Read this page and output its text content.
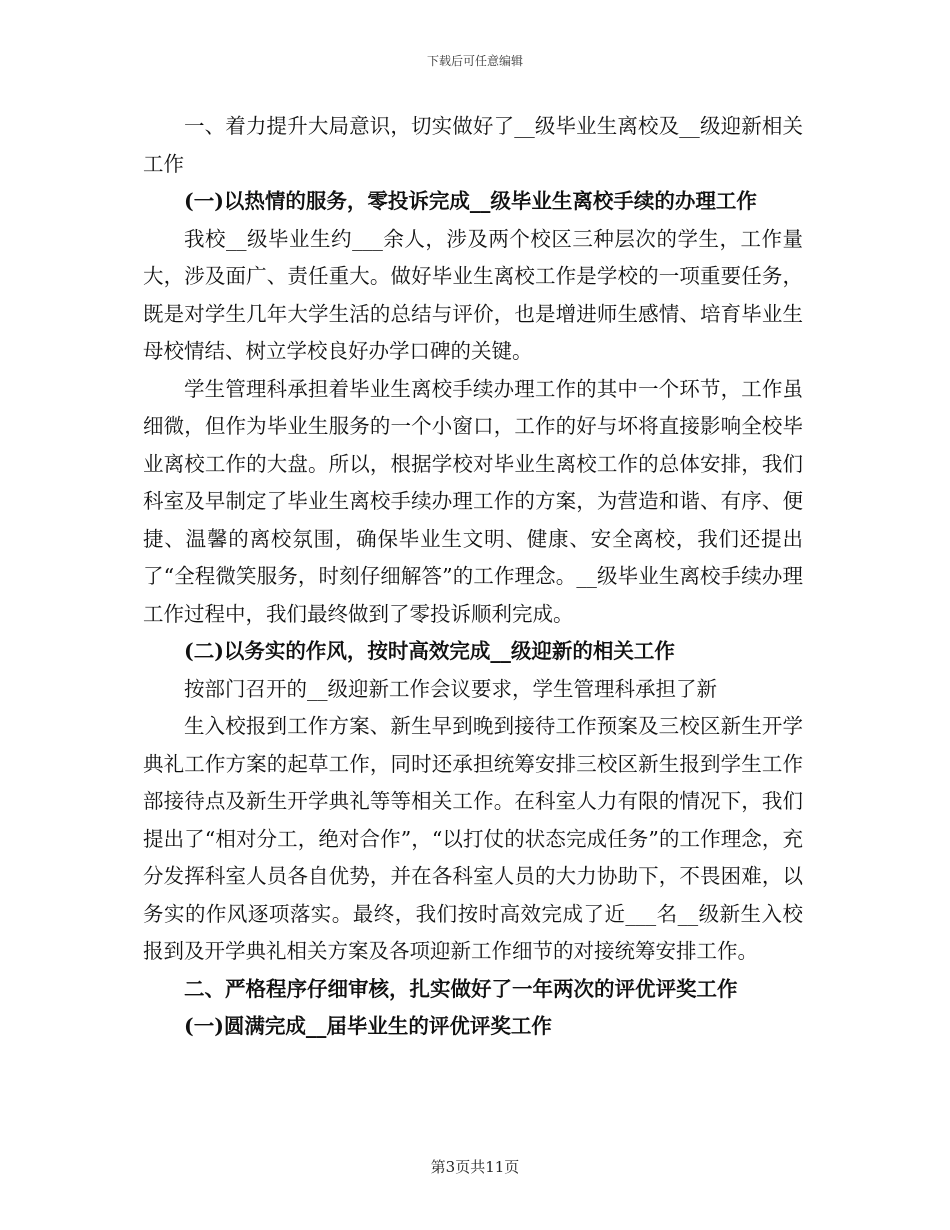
下载后可任意编辑

一、着力提升大局意识，切实做好了__级毕业生离校及__级迎新相关工作

(一)以热情的服务，零投诉完成__级毕业生离校手续的办理工作

我校__级毕业生约___余人，涉及两个校区三种层次的学生，工作量大，涉及面广、责任重大。做好毕业生离校工作是学校的一项重要任务，既是对学生几年大学生活的总结与评价，也是增进师生感情、培育毕业生母校情结、树立学校良好办学口碑的关键。

学生管理科承担着毕业生离校手续办理工作的其中一个环节，工作虽细微，但作为毕业生服务的一个小窗口，工作的好与坏将直接影响全校毕业离校工作的大盘。所以，根据学校对毕业生离校工作的总体安排，我们科室及早制定了毕业生离校手续办理工作的方案，为营造和谐、有序、便捷、温馨的离校氛围，确保毕业生文明、健康、安全离校，我们还提出了“全程微笑服务，时刻仔细解答”的工作理念。__级毕业生离校手续办理工作过程中，我们最终做到了零投诉顺利完成。

(二)以务实的作风，按时高效完成__级迎新的相关工作

按部门召开的__级迎新工作会议要求，学生管理科承担了新

生入校报到工作方案、新生早到晚到接待工作预案及三校区新生开学典礼工作方案的起草工作，同时还承担统筹安排三校区新生报到学生工作部接待点及新生开学典礼等等相关工作。在科室人力有限的情况下，我们提出了“相对分工，绝对合作”，“以打仗的状态完成任务”的工作理念，充分发挥科室人员各自优势，并在各科室人员的大力协助下，不畏困难，以务实的作风逐项落实。最终，我们按时高效完成了近___名__级新生入校报到及开学典礼相关方案及各项迎新工作细节的对接统筹安排工作。

二、严格程序仔细审核，扎实做好了一年两次的评优评奖工作

(一)圆满完成__届毕业生的评优评奖工作

第3页共11页
